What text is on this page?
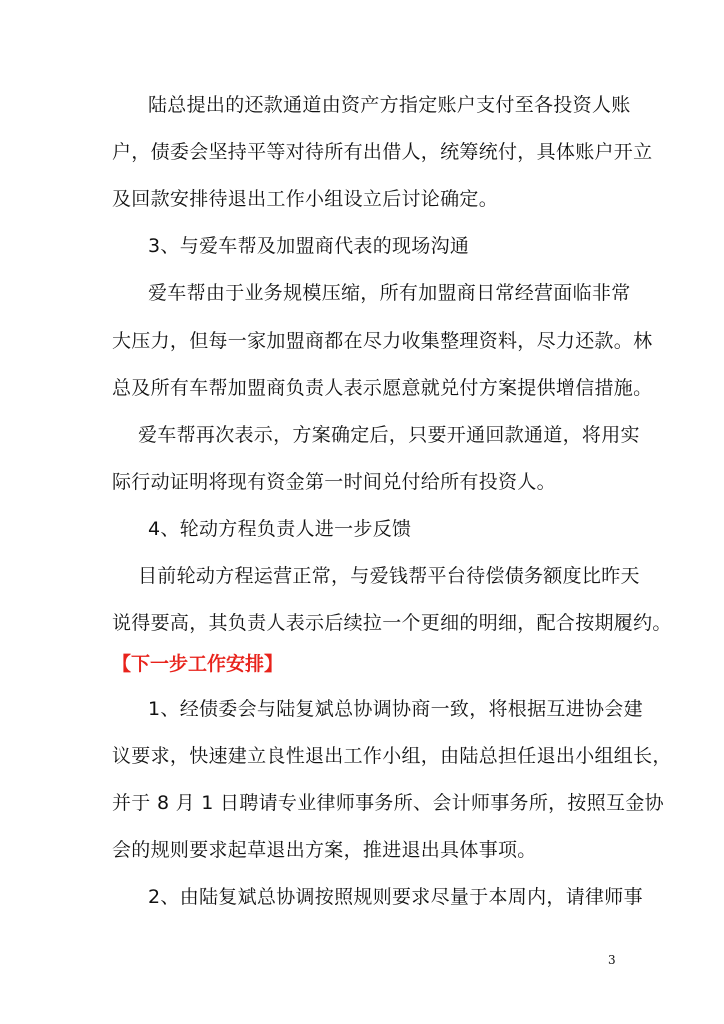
陆总提出的还款通道由资产方指定账户支付至各投资人账
户，债委会坚持平等对待所有出借人，统筹统付，具体账户开立
及回款安排待退出工作小组设立后讨论确定。
3、与爱车帮及加盟商代表的现场沟通
爱车帮由于业务规模压缩，所有加盟商日常经营面临非常
大压力，但每一家加盟商都在尽力收集整理资料，尽力还款。林
总及所有车帮加盟商负责人表示愿意就兑付方案提供增信措施。
爱车帮再次表示，方案确定后，只要开通回款通道，将用实
际行动证明将现有资金第一时间兑付给所有投资人。
4、轮动方程负责人进一步反馈
目前轮动方程运营正常，与爱钱帮平台待偿债务额度比昨天
说得要高，其负责人表示后续拉一个更细的明细，配合按期履约。
【下一步工作安排】
1、经债委会与陆复斌总协调协商一致，将根据互进协会建
议要求，快速建立良性退出工作小组，由陆总担任退出小组组长，
并于 8 月 1 日聘请专业律师事务所、会计师事务所，按照互金协
会的规则要求起草退出方案，推进退出具体事项。
2、由陆复斌总协调按照规则要求尽量于本周内，请律师事
3
